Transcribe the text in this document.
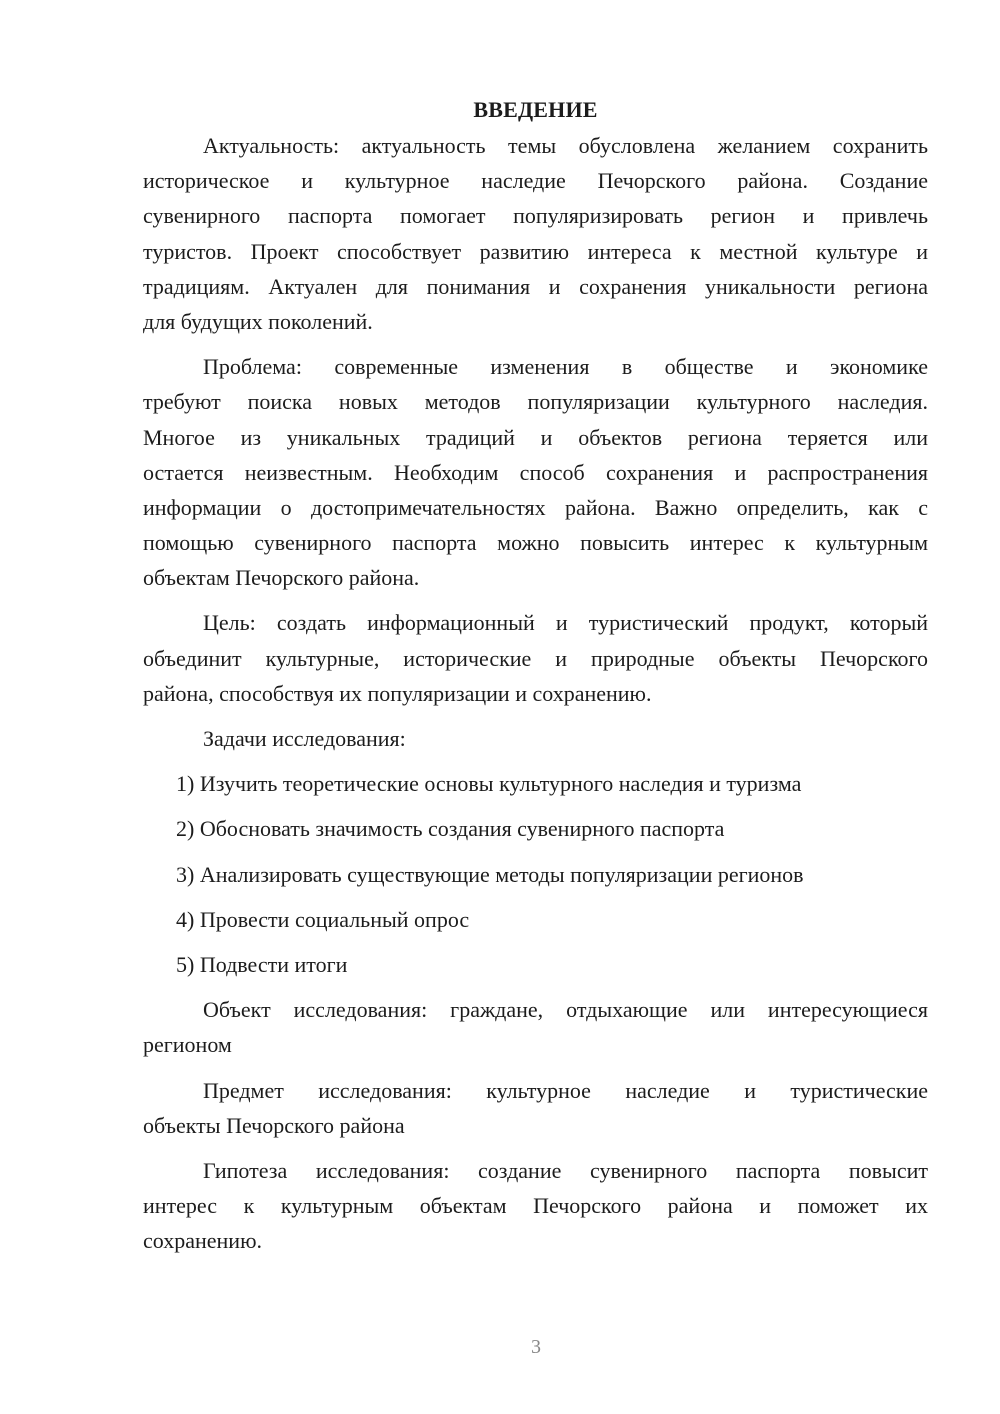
ВВЕДЕНИЕ
Актуальность: актуальность темы обусловлена желанием сохранить
историческое и культурное наследие Печорского района. Создание
сувенирного паспорта помогает популяризировать регион и привлечь
туристов. Проект способствует развитию интереса к местной культуре и
традициям. Актуален для понимания и сохранения уникальности региона
для будущих поколений.
Проблема: современные изменения в обществе и экономике
требуют поиска новых методов популяризации культурного наследия.
Многое из уникальных традиций и объектов региона теряется или
остается неизвестным. Необходим способ сохранения и распространения
информации о достопримечательностях района. Важно определить, как с
помощью сувенирного паспорта можно повысить интерес к культурным
объектам Печорского района.
Цель: создать информационный и туристический продукт, который
объединит культурные, исторические и природные объекты Печорского
района, способствуя их популяризации и сохранению.
Задачи исследования:
1) Изучить теоретические основы культурного наследия и туризма
2) Обосновать значимость создания сувенирного паспорта
3) Анализировать существующие методы популяризации регионов
4) Провести социальный опрос
5) Подвести итоги
Объект исследования: граждане, отдыхающие или интересующиеся
регионом
Предмет исследования: культурное наследие и туристические
объекты Печорского района
Гипотеза исследования: создание сувенирного паспорта повысит
интерес к культурным объектам Печорского района и поможет их
сохранению.
3
